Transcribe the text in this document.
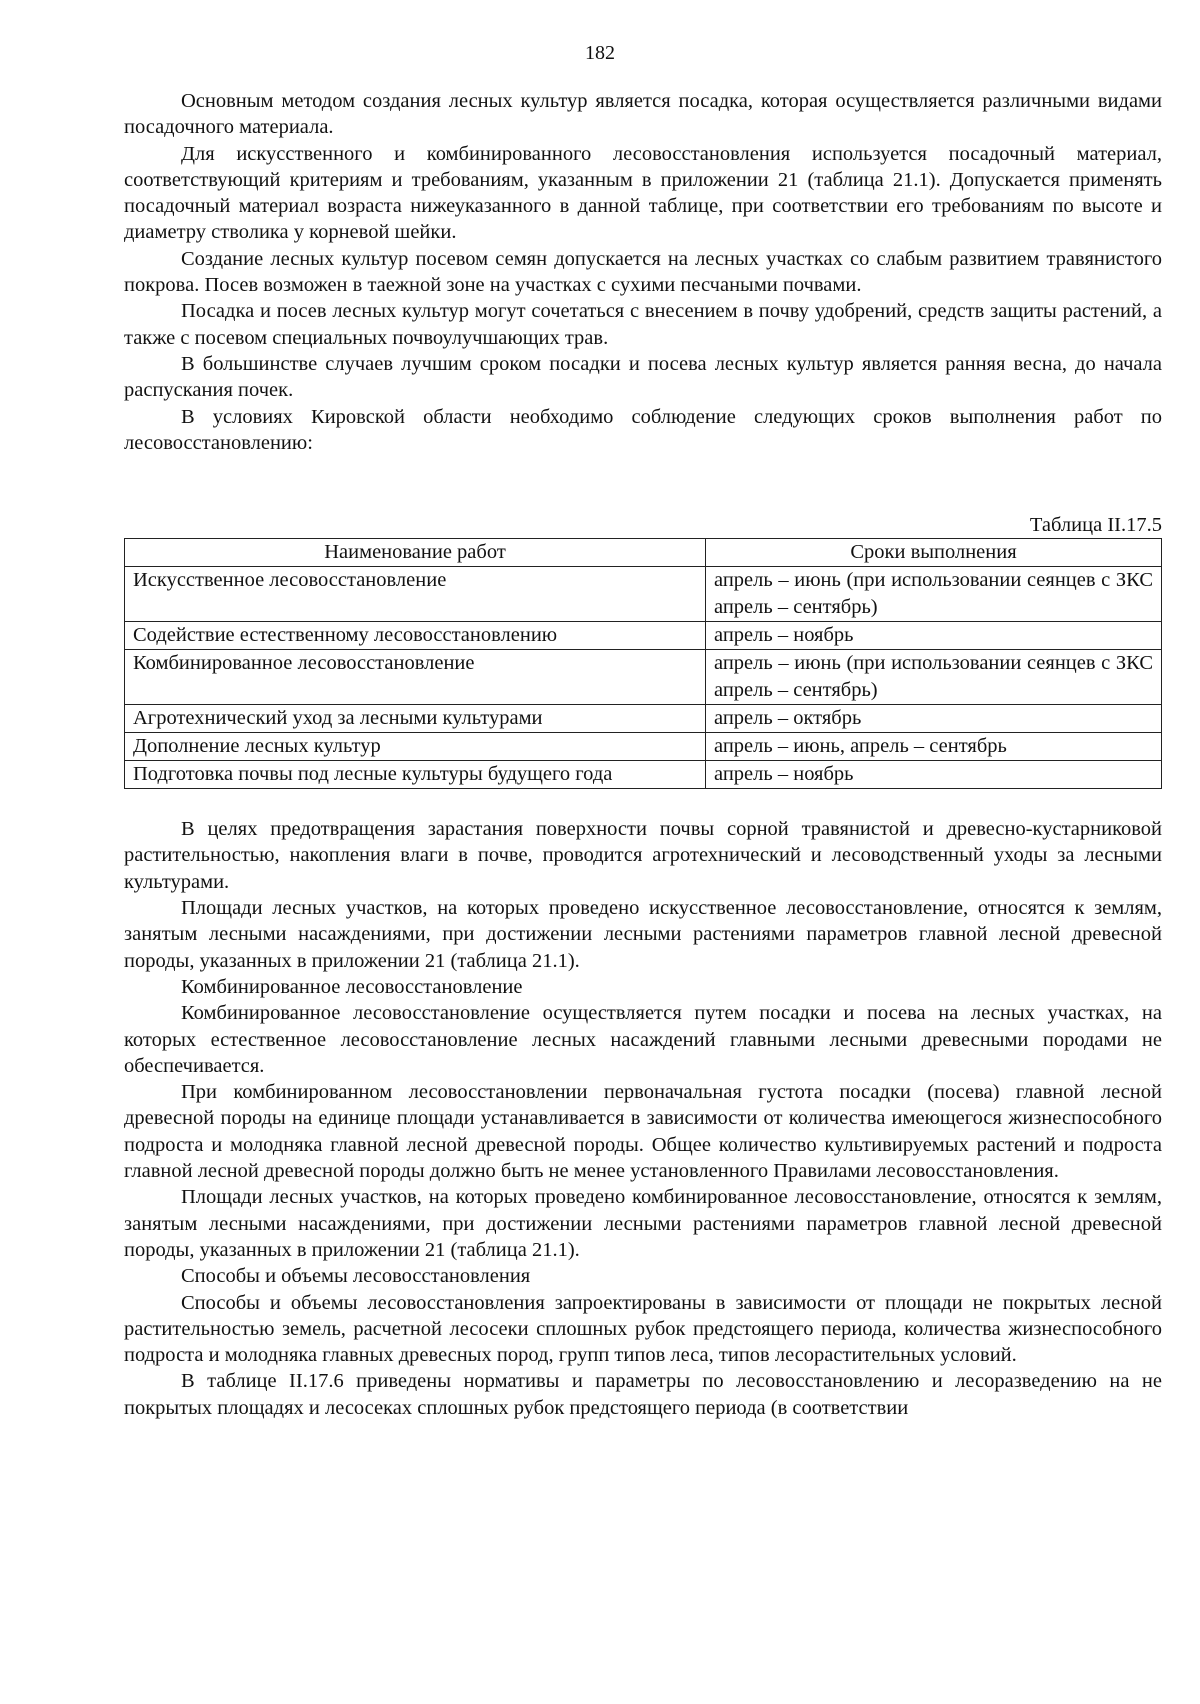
182

Основным методом создания лесных культур является посадка, которая осуществляется различными видами посадочного материала.

Для искусственного и комбинированного лесовосстановления используется посадочный материал, соответствующий критериям и требованиям, указанным в приложении 21 (таблица 21.1). Допускается применять посадочный материал возраста нижеуказанного в данной таблице, при соответствии его требованиям по высоте и диаметру стволика у корневой шейки.

Создание лесных культур посевом семян допускается на лесных участках со слабым развитием травянистого покрова. Посев возможен в таежной зоне на участках с сухими песчаными почвами.

Посадка и посев лесных культур могут сочетаться с внесением в почву удобрений, средств защиты растений, а также с посевом специальных почвоулучшающих трав.

В большинстве случаев лучшим сроком посадки и посева лесных культур является ранняя весна, до начала распускания почек.

В условиях Кировской области необходимо соблюдение следующих сроков выполнения работ по лесовосстановлению:

Таблица II.17.5
Наименование работ	Сроки выполнения
Искусственное лесовосстановление	апрель – июнь (при использовании сеянцев с ЗКС апрель – сентябрь)
Содействие естественному лесовосстановлению	апрель – ноябрь
Комбинированное лесовосстановление	апрель – июнь (при использовании сеянцев с ЗКС апрель – сентябрь)
Агротехнический уход за лесными культурами	апрель – октябрь
Дополнение лесных культур	апрель – июнь, апрель – сентябрь
Подготовка почвы под лесные культуры будущего года	апрель – ноябрь

В целях предотвращения зарастания поверхности почвы сорной травянистой и древесно-кустарниковой растительностью, накопления влаги в почве, проводится агротехнический и лесоводственный уходы за лесными культурами.

Площади лесных участков, на которых проведено искусственное лесовосстановление, относятся к землям, занятым лесными насаждениями, при достижении лесными растениями параметров главной лесной древесной породы, указанных в приложении 21 (таблица 21.1).

Комбинированное лесовосстановление

Комбинированное лесовосстановление осуществляется путем посадки и посева на лесных участках, на которых естественное лесовосстановление лесных насаждений главными лесными древесными породами не обеспечивается.

При комбинированном лесовосстановлении первоначальная густота посадки (посева) главной лесной древесной породы на единице площади устанавливается в зависимости от количества имеющегося жизнеспособного подроста и молодняка главной лесной древесной породы. Общее количество культивируемых растений и подроста главной лесной древесной породы должно быть не менее установленного Правилами лесовосстановления.

Площади лесных участков, на которых проведено комбинированное лесовосстановление, относятся к землям, занятым лесными насаждениями, при достижении лесными растениями параметров главной лесной древесной породы, указанных в приложении 21 (таблица 21.1).

Способы и объемы лесовосстановления

Способы и объемы лесовосстановления запроектированы в зависимости от площади не покрытых лесной растительностью земель, расчетной лесосеки сплошных рубок предстоящего периода, количества жизнеспособного подроста и молодняка главных древесных пород, групп типов леса, типов лесорастительных условий.

В таблице II.17.6 приведены нормативы и параметры по лесовосстановлению и лесоразведению на не покрытых площадях и лесосеках сплошных рубок предстоящего периода (в соответствии
